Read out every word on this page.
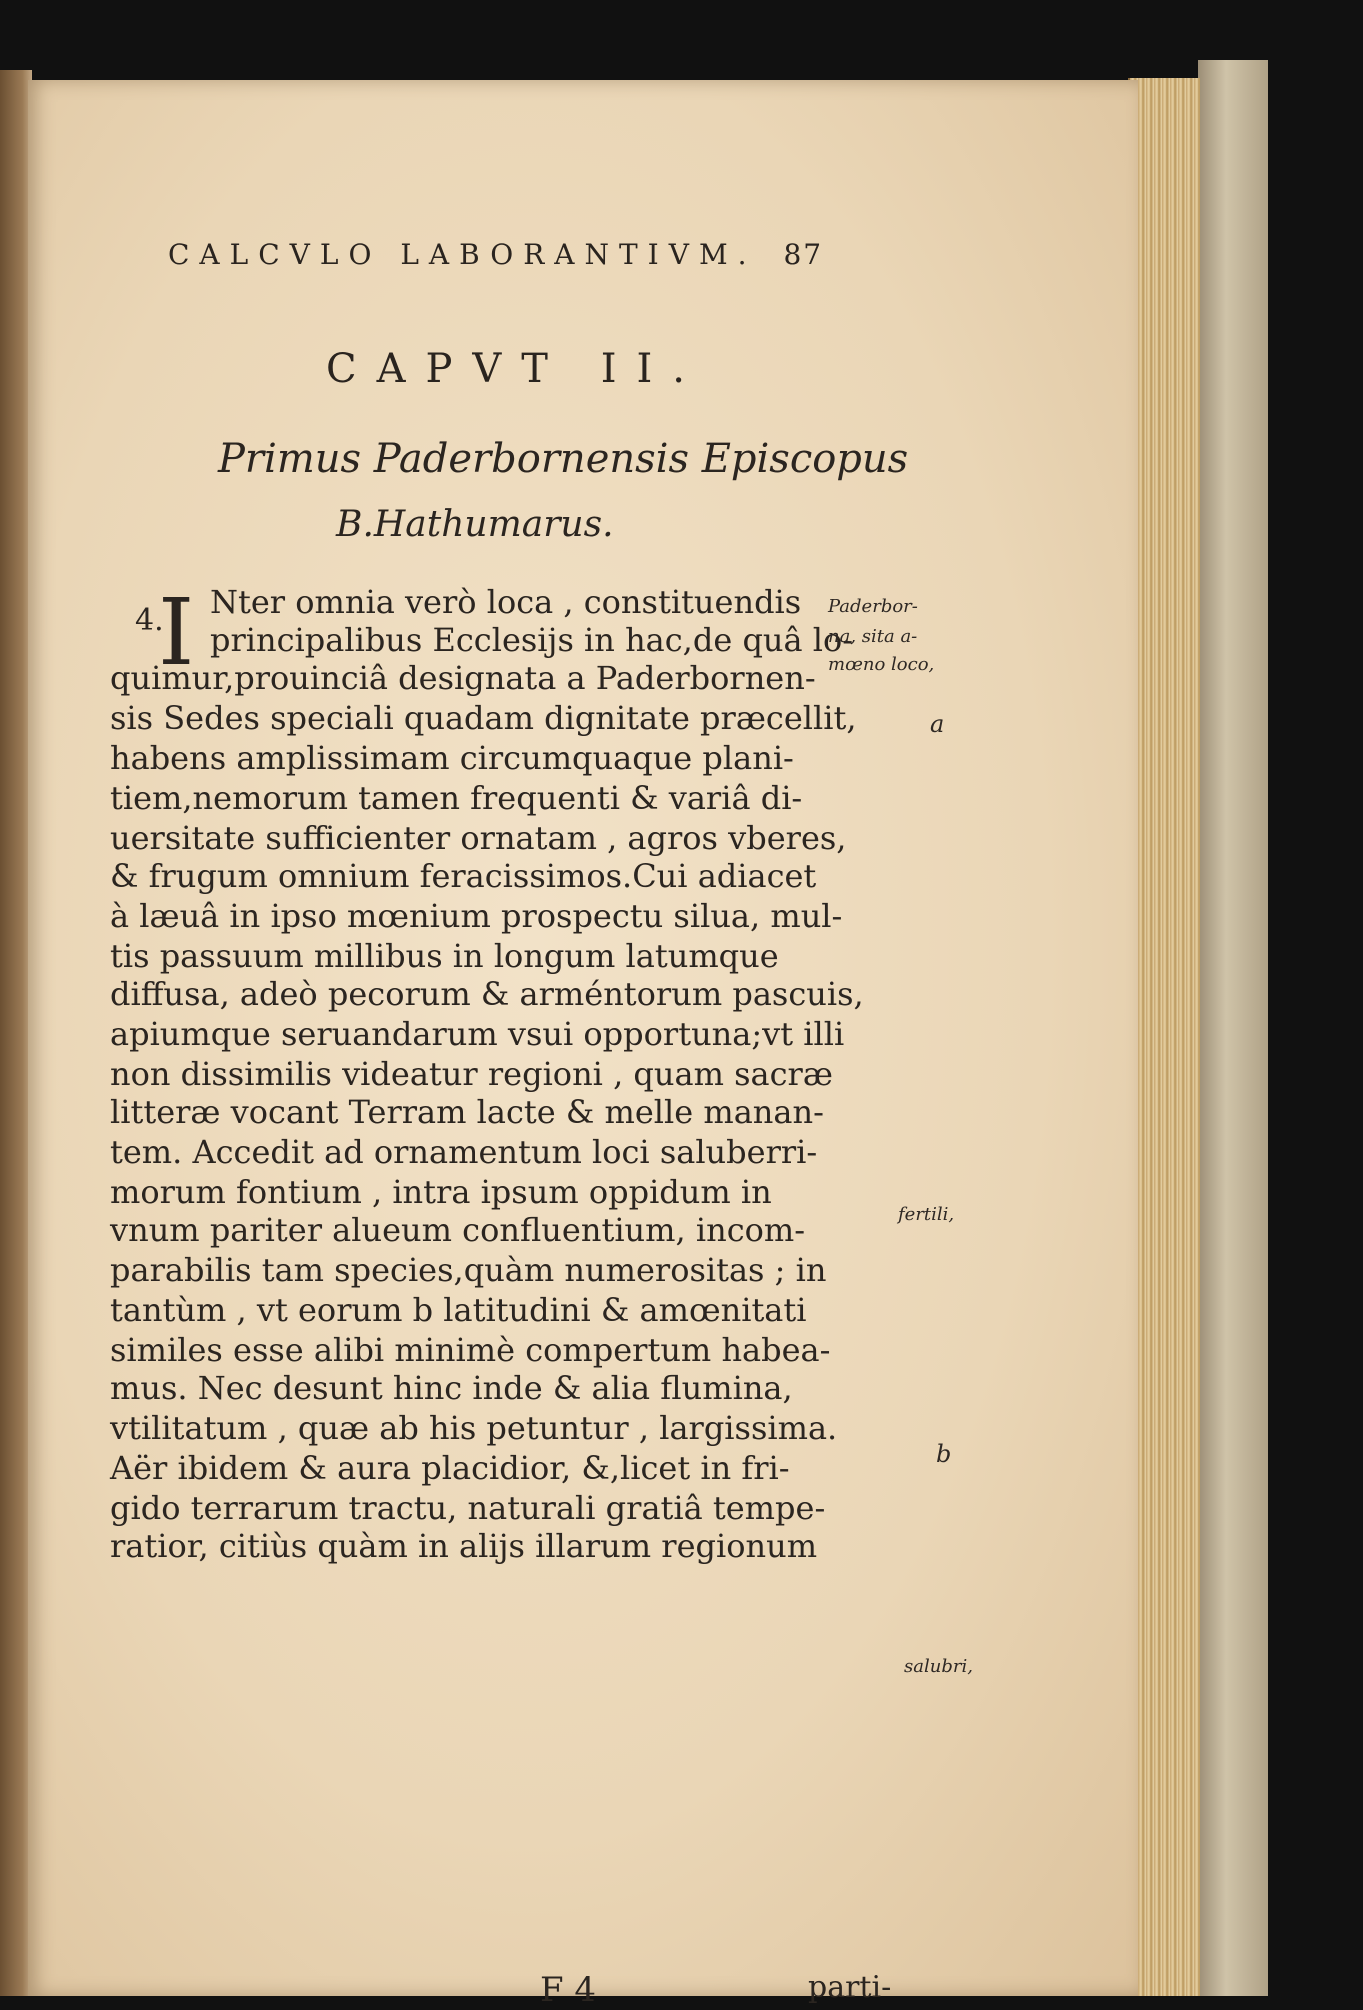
CALCVLO LABORANTIVM. 87
CAPVT II.
Primus Paderbornensis Episcopus
B.Hathumarus.
4.
I Nter omnia verò loca , constituendis
principalibus Ecclesijs in hac,de quâ lo-
quimur,prouinciâ designata a Paderbornen-
sis Sedes speciali quadam dignitate præcellit,
habens amplissimam circumquaque plani-
tiem,nemorum tamen frequenti & variâ di-
uersitate sufficienter ornatam , agros vberes,
& frugum omnium feracissimos.Cui adiacet
à læuâ in ipso mœnium prospectu silua, mul-
tis passuum millibus in longum latumque
diffusa, adeò pecorum & arméntorum pascuis,
apiumque seruandarum vsui opportuna;vt illi
non dissimilis videatur regioni , quam sacræ
litteræ vocant Terram lacte & melle manan-
tem. Accedit ad ornamentum loci saluberri-
morum fontium , intra ipsum oppidum in
vnum pariter alueum confluentium, incom-
parabilis tam species,quàm numerositas ; in
tantùm , vt eorum b latitudini & amœnitati
similes esse alibi minimè compertum habea-
mus. Nec desunt hinc inde & alia flumina,
vtilitatum , quæ ab his petuntur , largissima.
Aër ibidem & aura placidior, &,licet in fri-
gido terrarum tractu, naturali gratiâ tempe-
ratior, citiùs quàm in alijs illarum regionum
Paderbor-
na, sita a-
mœno loco,
a
fertili,
b
salubri,
F 4	parti-
